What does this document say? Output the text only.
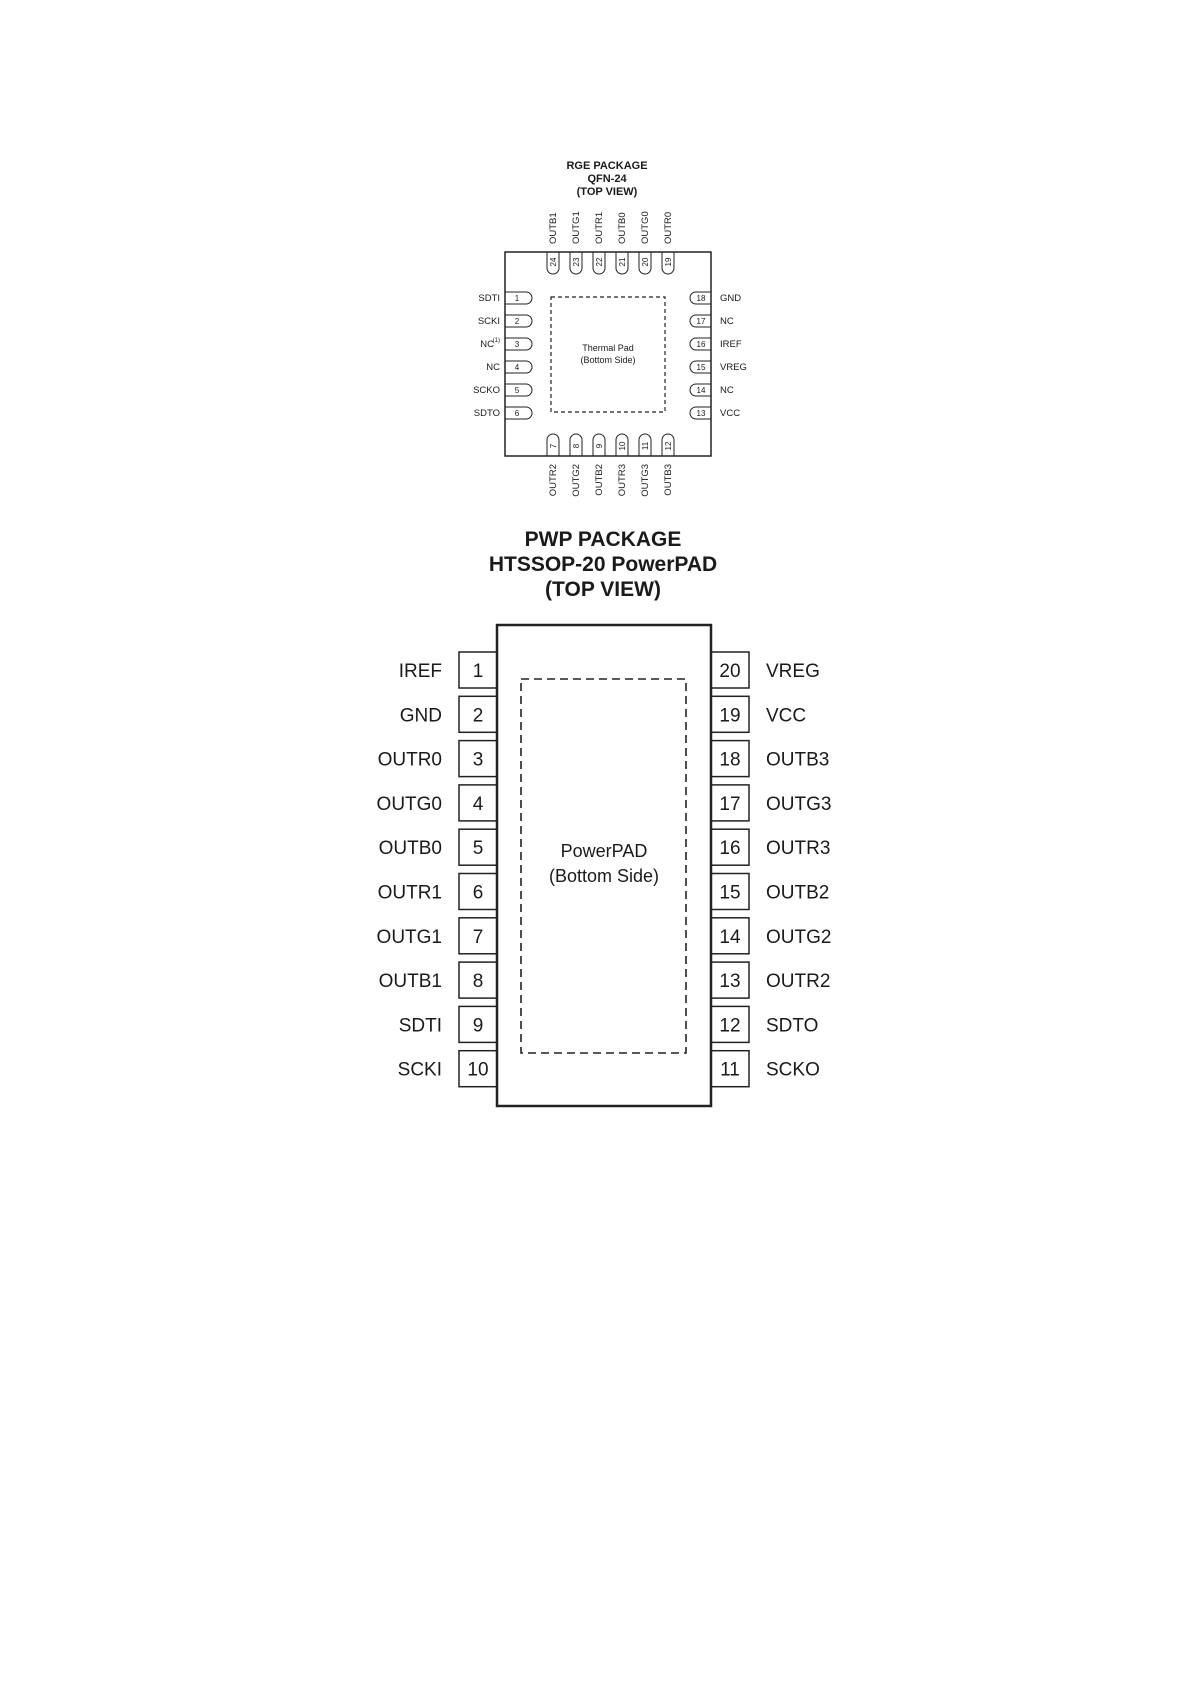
RGE PACKAGE
QFN-24
(TOP VIEW)
Thermal Pad
(Bottom Side)
1
SDTI
2
SCKI
3
NC
(1)
4
NC
5
SCKO
6
SDTO
18 GND
17 NC
16 IREF
15 VREG
14 NC
13 VCC
24
OUTB1
23
OUTG1
22
OUTR1
21
OUTB0
20
OUTG0
19
OUTR0
7
OUTR2
8
OUTG2
9
OUTB2
10
OUTR3
11
OUTG3
12
OUTB3
PWP PACKAGE
HTSSOP-20 PowerPAD
(TOP VIEW)
PowerPAD
(Bottom Side)
1
IREF
2
GND
3
OUTR0
4
OUTG0
5
OUTB0
6
OUTR1
7
OUTG1
8
OUTB1
9
SDTI
10
SCKI
20 VREG
19 VCC
18 OUTB3
17 OUTG3
16 OUTR3
15 OUTB2
14 OUTG2
13 OUTR2
12 SDTO
11 SCKO
